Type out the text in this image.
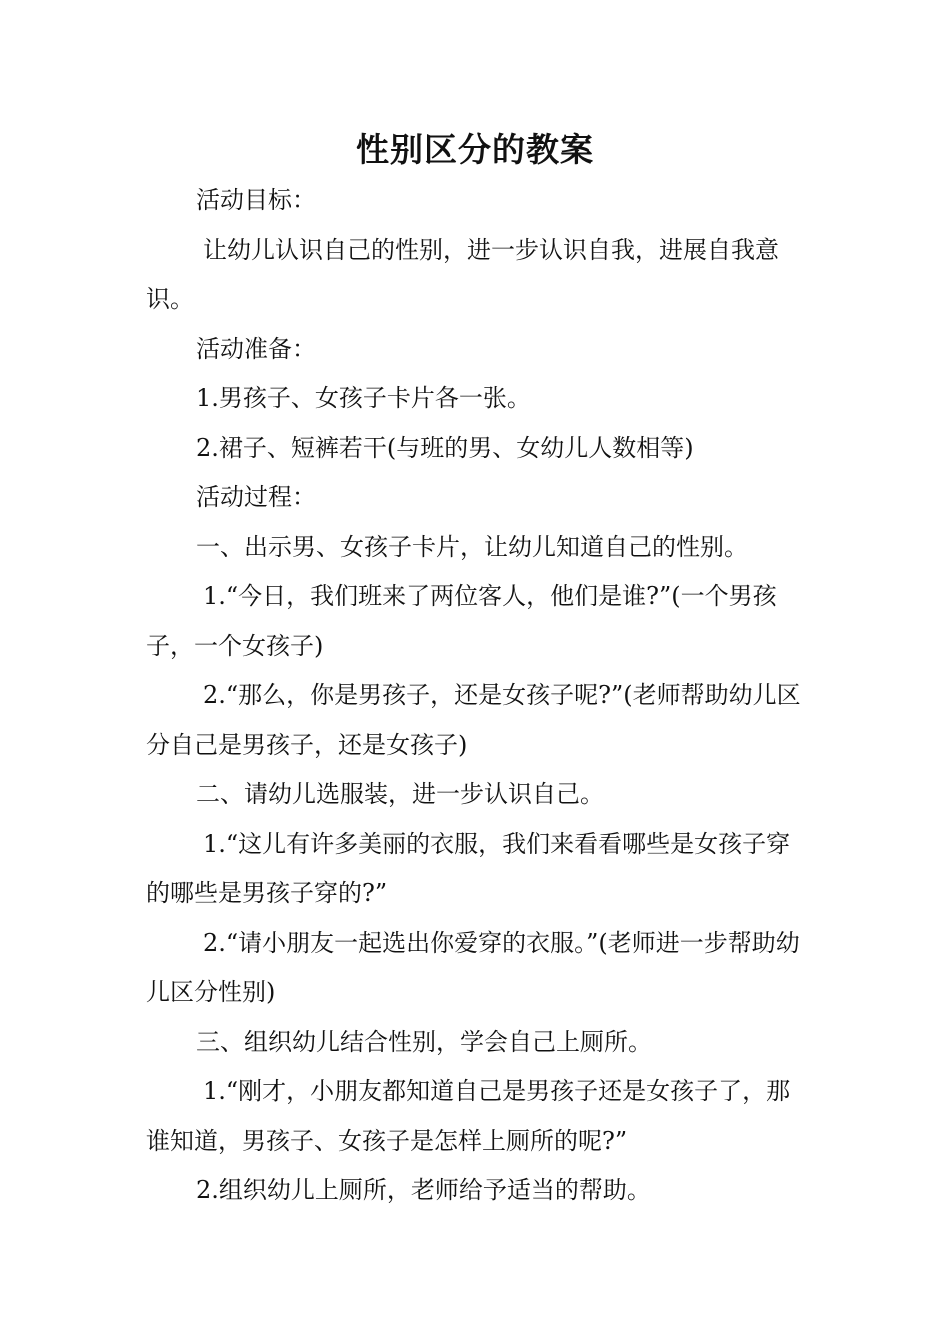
性别区分的教案

活动目标：

让幼儿认识自己的性别，进一步认识自我，进展自我意识。

活动准备：

1.男孩子、女孩子卡片各一张。

2.裙子、短裤若干(与班的男、女幼儿人数相等)

活动过程：

一、出示男、女孩子卡片，让幼儿知道自己的性别。

1.“今日，我们班来了两位客人，他们是谁?”(一个男孩子，一个女孩子)

2.“那么，你是男孩子，还是女孩子呢?”(老师帮助幼儿区分自己是男孩子，还是女孩子)

二、请幼儿选服装，进一步认识自己。

1.“这儿有许多美丽的衣服，我们来看看哪些是女孩子穿的哪些是男孩子穿的?”

2.“请小朋友一起选出你爱穿的衣服。”(老师进一步帮助幼儿区分性别)

三、组织幼儿结合性别，学会自己上厕所。

1.“刚才，小朋友都知道自己是男孩子还是女孩子了，那谁知道，男孩子、女孩子是怎样上厕所的呢?”

2.组织幼儿上厕所，老师给予适当的帮助。
